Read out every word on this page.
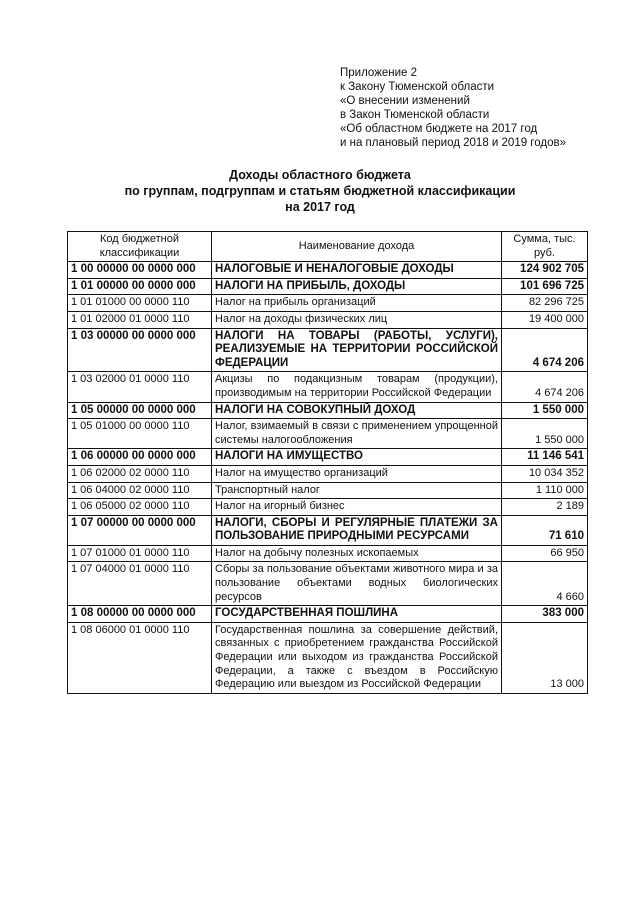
Приложение 2
к Закону Тюменской области
«О внесении изменений
в Закон Тюменской области
«Об областном бюджете на 2017 год
и на плановый период 2018 и 2019 годов»
Доходы областного бюджета
по группам, подгруппам и статьям бюджетной классификации
на 2017 год
Код бюджетной классификации	Наименование дохода	Сумма, тыс. руб.
1 00 00000 00 0000 000	НАЛОГОВЫЕ И НЕНАЛОГОВЫЕ ДОХОДЫ	124 902 705
1 01 00000 00 0000 000	НАЛОГИ НА ПРИБЫЛЬ, ДОХОДЫ	101 696 725
1 01 01000 00 0000 110	Налог на прибыль организаций	82 296 725
1 01 02000 01 0000 110	Налог на доходы физических лиц	19 400 000
1 03 00000 00 0000 000	НАЛОГИ НА ТОВАРЫ (РАБОТЫ, УСЛУГИ), РЕАЛИЗУЕМЫЕ НА ТЕРРИТОРИИ РОССИЙСКОЙ ФЕДЕРАЦИИ	4 674 206
1 03 02000 01 0000 110	Акцизы по подакцизным товарам (продукции), производимым на территории Российской Федерации	4 674 206
1 05 00000 00 0000 000	НАЛОГИ НА СОВОКУПНЫЙ ДОХОД	1 550 000
1 05 01000 00 0000 110	Налог, взимаемый в связи с применением упрощенной системы налогообложения	1 550 000
1 06 00000 00 0000 000	НАЛОГИ НА ИМУЩЕСТВО	11 146 541
1 06 02000 02 0000 110	Налог на имущество организаций	10 034 352
1 06 04000 02 0000 110	Транспортный налог	1 110 000
1 06 05000 02 0000 110	Налог на игорный бизнес	2 189
1 07 00000 00 0000 000	НАЛОГИ, СБОРЫ И РЕГУЛЯРНЫЕ ПЛАТЕЖИ ЗА ПОЛЬЗОВАНИЕ ПРИРОДНЫМИ РЕСУРСАМИ	71 610
1 07 01000 01 0000 110	Налог на добычу полезных ископаемых	66 950
1 07 04000 01 0000 110	Сборы за пользование объектами животного мира и за пользование объектами водных биологических ресурсов	4 660
1 08 00000 00 0000 000	ГОСУДАРСТВЕННАЯ ПОШЛИНА	383 000
1 08 06000 01 0000 110	Государственная пошлина за совершение действий, связанных с приобретением гражданства Российской Федерации или выходом из гражданства Российской Федерации, а также с въездом в Российскую Федерацию или выездом из Российской Федерации	13 000
